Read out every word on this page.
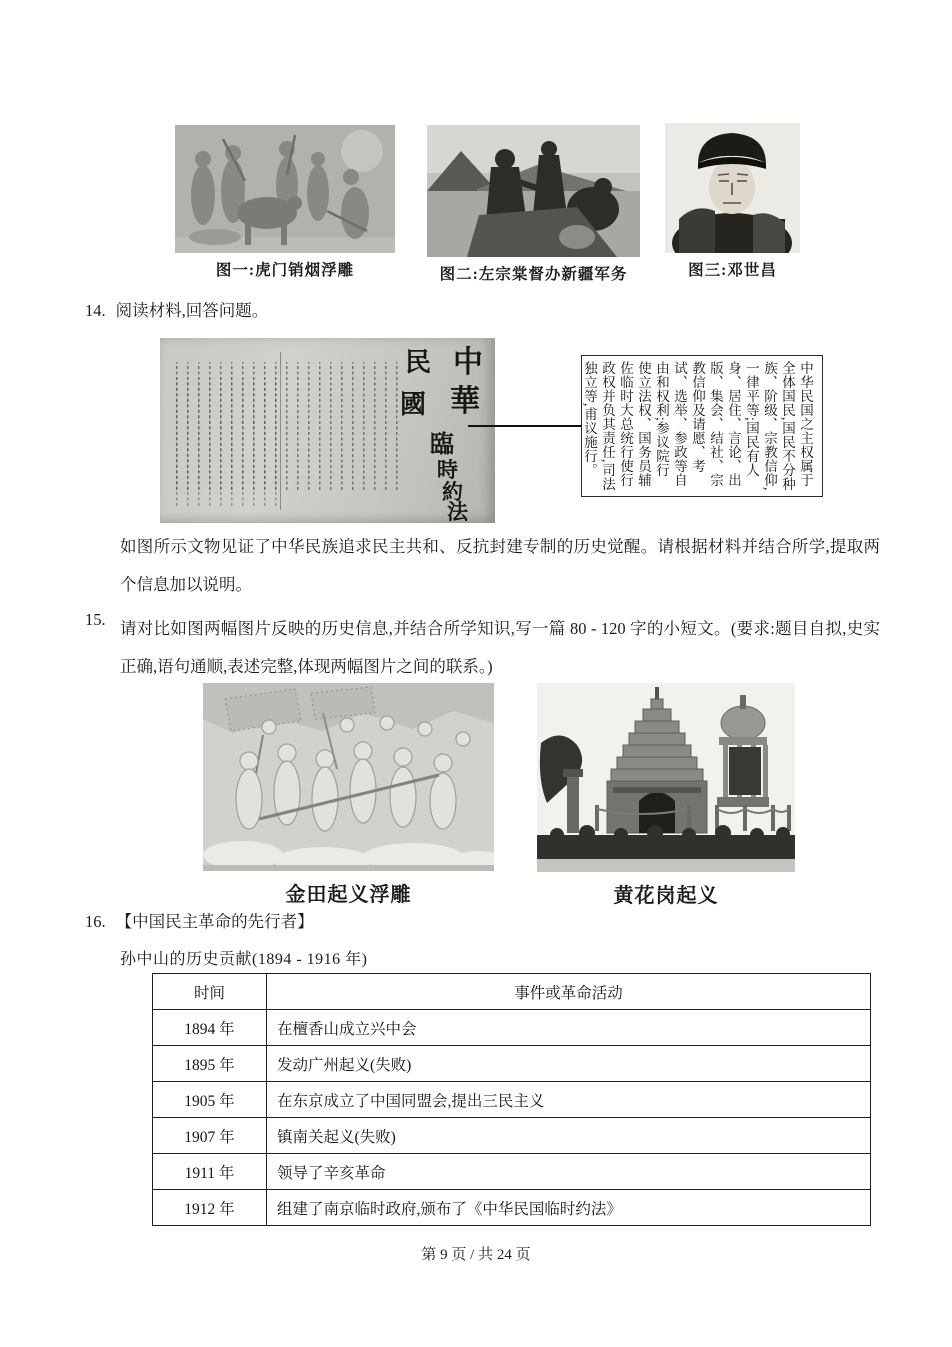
图一:虎门销烟浮雕	图二:左宗棠督办新疆军务	图三:邓世昌
14. 阅读材料,回答问题。
中
華
民
國
臨
時
約
法
中华民国之主权属于全体国民,国民不分种族、阶级、宗教信仰,一律平等;国民有人身、居住、言论、出版、集会、结社、宗教信仰及请愿、考试、选举、参政等自由和权利;参议院行使立法权、国务员辅佐临时大总统行使行政权并负其责任,司法独立等,甫议施行。
如图所示文物见证了中华民族追求民主共和、反抗封建专制的历史觉醒。请根据材料并结合所学,提取两个信息加以说明。
15. 请对比如图两幅图片反映的历史信息,并结合所学知识,写一篇 80 - 120 字的小短文。(要求:题目自拟,史实正确,语句通顺,表述完整,体现两幅图片之间的联系。)
金田起义浮雕	黄花岗起义
16. 【中国民主革命的先行者】
孙中山的历史贡献(1894 - 1916 年)
时间	事件或革命活动
1894 年	在檀香山成立兴中会
1895 年	发动广州起义(失败)
1905 年	在东京成立了中国同盟会,提出三民主义
1907 年	镇南关起义(失败)
1911 年	领导了辛亥革命
1912 年	组建了南京临时政府,颁布了《中华民国临时约法》
第 9 页 / 共 24 页
